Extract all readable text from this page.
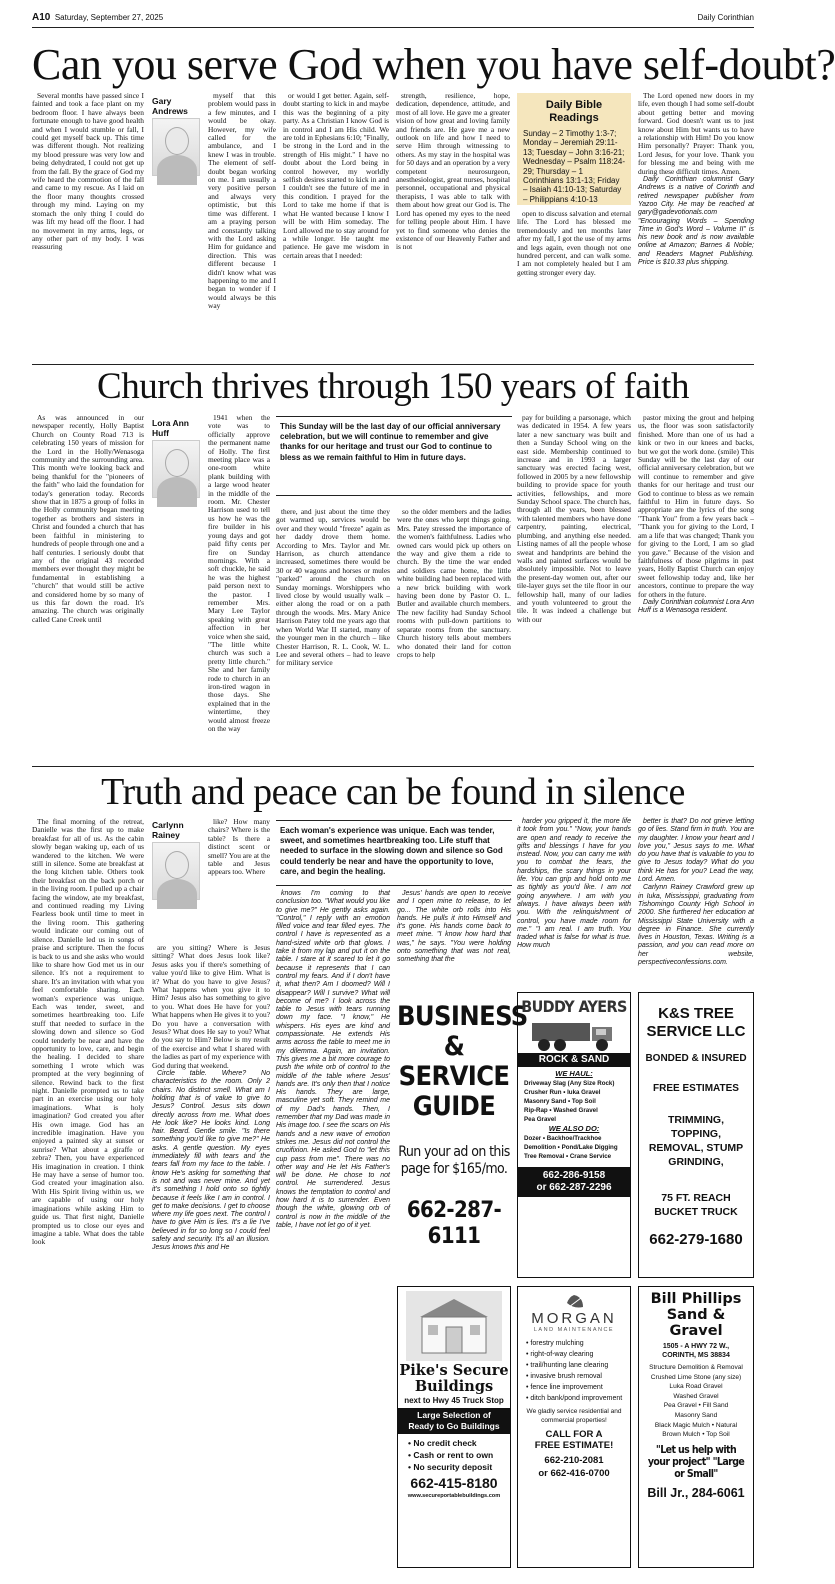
A10 Saturday, September 27, 2025	Daily Corinthian
Can you serve God when you have self-doubt?

Several months have passed since I fainted and took a face plant on my bedroom floor. I have always been fortunate enough to have good health and when I would stumble or fall, I could get myself back up. This time was different though. Not realizing my blood pressure was very low and being dehydrated, I could not get up from the fall. By the grace of God my wife heard the commotion of the fall and came to my rescue. As I laid on the floor many thoughts crossed through my mind. Laying on my stomach the only thing I could do was lift my head off the floor. I had no movement in my arms, legs, or any other part of my body. I was reassuring

Gary Andrews

myself that this problem would pass in a few minutes, and I would be okay. However, my wife called for the ambulance, and I knew I was in trouble. The element of self-doubt began working on me. I am usually a very positive person and always very optimistic, but this time was different. I am a praying person and constantly talking with the Lord asking Him for guidance and direction. This was different because I didn't know what was happening to me and I began to wonder if I would always be this way

or would I get better. Again, self-doubt starting to kick in and maybe this was the beginning of a pity party. As a Christian I know God is in control and I am His child. We are told in Ephesians 6:10; "Finally, be strong in the Lord and in the strength of His might." I have no doubt about the Lord being in control however, my worldly selfish desires started to kick in and I couldn't see the future of me in this condition. I prayed for the Lord to take me home if that is what He wanted because I know I will be with Him someday. The Lord allowed me to stay around for a while longer. He taught me patience. He gave me wisdom in certain areas that I needed:

strength, resilience, hope, dedication, dependence, attitude, and most of all love. He gave me a greater vision of how great and loving family and friends are. He gave me a new outlook on life and how I need to serve Him through witnessing to others. As my stay in the hospital was for 50 days and an operation by a very competent neurosurgeon, anesthesiologist, great nurses, hospital personnel, occupational and physical therapists, I was able to talk with them about how great our God is. The Lord has opened my eyes to the need for telling people about Him. I have yet to find someone who denies the existence of our Heavenly Father and is not

Daily Bible Readings

Sunday – 2 Timothy 1:3-7; Monday – Jeremiah 29:11-13; Tuesday – John 3:16-21; Wednesday – Psalm 118:24-29; Thursday – 1 Corinthians 13:1-13; Friday – Isaiah 41:10-13; Saturday – Philippians 4:10-13

open to discuss salvation and eternal life. The Lord has blessed me tremendously and ten months later after my fall, I got the use of my arms and legs again, even though not one hundred percent, and can walk some. I am not completely healed but I am getting stronger every day.

The Lord opened new doors in my life, even though I had some self-doubt about getting better and moving forward. God doesn't want us to just know about Him but wants us to have a relationship with Him! Do you know Him personally? Prayer: Thank you, Lord Jesus, for your love. Thank you for blessing me and being with me during these difficult times. Amen.

Daily Corinthian columnist Gary Andrews is a native of Corinth and retired newspaper publisher from Yazoo City. He may be reached at gary@gadevotionals.com "Encouraging Words – Spending Time in God's Word – Volume II" is his new book and is now available online at Amazon; Barnes & Noble; and Readers Magnet Publishing. Price is $10.33 plus shipping.

Church thrives through 150 years of faith

As was announced in our newspaper recently, Holly Baptist Church on County Road 713 is celebrating 150 years of mission for the Lord in the Holly/Wenasoga community and the surrounding area. This month we're looking back and being thankful for the "pioneers of the faith" who laid the foundation for today's generation today. Records show that in 1875 a group of folks in the Holly community began meeting together as brothers and sisters in Christ and founded a church that has been faithful in ministering to hundreds of people through one and a half centuries. I seriously doubt that any of the original 43 recorded members ever thought they might be fundamental in establishing a "church" that would still be active and considered home by so many of us this far down the road. It's amazing. The church was originally called Cane Creek until

Lora Ann Huff

1941 when the vote was to officially approve the permanent name of Holly. The first meeting place was a one-room white plank building with a large wood heater in the middle of the room. Mr. Chester Harrison used to tell us how he was the fire builder in his young days and got paid fifty cents per fire on Sunday mornings. With a soft chuckle, he said he was the highest paid person next to the pastor. I remember Mrs. Mary Lee Taylor speaking with great affection in her voice when she said, "The little white church was such a pretty little church." She and her family rode to church in an iron-tired wagon in those days. She explained that in the wintertime, they would almost freeze on the way

This Sunday will be the last day of our official anniversary celebration, but we will continue to remember and give thanks for our heritage and trust our God to continue to bless as we remain faithful to Him in future days.

there, and just about the time they got warmed up, services would be over and they would "freeze" again as her daddy drove them home. According to Mrs. Taylor and Mr. Harrison, as church attendance increased, sometimes there would be 30 or 40 wagons and horses or mules "parked" around the church on Sunday mornings. Worshippers who lived close by would usually walk – either along the road or on a path through the woods. Mrs. Mary Anice Harrison Patey told me years ago that when World War II started, many of the younger men in the church – like Chester Harrison, R. L. Cook, W. L. Lee and several others – had to leave for military service

so the older members and the ladies were the ones who kept things going. Mrs. Patey stressed the importance of the women's faithfulness. Ladies who owned cars would pick up others on the way and give them a ride to church. By the time the war ended and soldiers came home, the little white building had been replaced with a new brick building with work having been done by Pastor O. L. Butler and available church members. The new facility had Sunday School rooms with pull-down partitions to separate rooms from the sanctuary. Church history tells about members who donated their land for cotton crops to help

pay for building a parsonage, which was dedicated in 1954. A few years later a new sanctuary was built and then a Sunday School wing on the east side. Membership continued to increase and in 1993 a larger sanctuary was erected facing west, followed in 2005 by a new fellowship building to provide space for youth activities, fellowships, and more Sunday School space. The church has, through all the years, been blessed with talented members who have done carpentry, painting, electrical, plumbing, and anything else needed. Listing names of all the people whose sweat and handprints are behind the walls and painted surfaces would be absolutely impossible. Not to leave the present-day women out, after our tile-layer guys set the tile floor in our fellowship hall, many of our ladies and youth volunteered to grout the tile. It was indeed a challenge but with our

pastor mixing the grout and helping us, the floor was soon satisfactorily finished. More than one of us had a kink or two in our knees and backs, but we got the work done. (smile) This Sunday will be the last day of our official anniversary celebration, but we will continue to remember and give thanks for our heritage and trust our God to continue to bless as we remain faithful to Him in future days. So appropriate are the lyrics of the song "Thank You" from a few years back – "Thank you for giving to the Lord, I am a life that was changed; Thank you for giving to the Lord, I am so glad you gave." Because of the vision and faithfulness of those pilgrims in past years, Holly Baptist Church can enjoy sweet fellowship today and, like her ancestors, continue to prepare the way for others in the future.

Daily Corinthian columnist Lora Ann Huff is a Wenasoga resident.

Truth and peace can be found in silence

The final morning of the retreat, Danielle was the first up to make breakfast for all of us. As the cabin slowly began waking up, each of us wandered to the kitchen. We were still in silence. Some ate breakfast at the long kitchen table. Others took their breakfast on the back porch or in the living room. I pulled up a chair facing the window, ate my breakfast, and continued reading my Living Fearless book until time to meet in the living room. This gathering would indicate our coming out of silence. Danielle led us in songs of praise and scripture. Then the focus is back to us and she asks who would like to share how God met us in our silence. It's not a requirement to share. It's an invitation with what you feel comfortable sharing. Each woman's experience was unique. Each was tender, sweet, and sometimes heartbreaking too. Life stuff that needed to surface in the slowing down and silence so God could tenderly be near and have the opportunity to love, care, and begin the healing. I decided to share something I wrote which was prompted at the very beginning of silence. Rewind back to the first night. Danielle prompted us to take part in an exercise using our holy imaginations. What is holy imagination? God created you after His own image. God has an incredible imagination. Have you enjoyed a painted sky at sunset or sunrise? What about a giraffe or zebra? Then, you have experienced His imagination in creation. I think He may have a sense of humor too. God created your imagination also. With His Spirit living within us, we are capable of using our holy imaginations while asking Him to guide us. That first night, Danielle prompted us to close our eyes and imagine a table. What does the table look

Carlynn Rainey

like? How many chairs? Where is the table? Is there a distinct scent or smell? You are at the table and Jesus appears too. Where

are you sitting? Where is Jesus sitting? What does Jesus look like? Jesus asks you if there's something of value you'd like to give Him. What is it? What do you have to give Jesus? What happens when you give it to Him? Jesus also has something to give to you. What does He have for you? What happens when He gives it to you? Do you have a conversation with Jesus? What does He say to you? What do you say to Him? Below is my result of the exercise and what I shared with the ladies as part of my experience with God during that weekend.

Circle table. Where? No characteristics to the room. Only 2 chairs. No distinct smell. What am I holding that is of value to give to Jesus? Control. Jesus sits down directly across from me. What does He look like? He looks kind. Long hair. Beard. Gentle smile. "Is there something you'd like to give me?" He asks. A gentle question. My eyes immediately fill with tears and the tears fall from my face to the table. I know He's asking for something that is not and was never mine. And yet it's something I hold onto so tightly because it feels like I am in control. I get to make decisions. I get to choose where my life goes next. The control I have to give Him is lies. It's a lie I've believed in for so long so I could feel safety and security. It's all an illusion. Jesus knows this and He

Each woman's experience was unique. Each was tender, sweet, and sometimes heartbreaking too. Life stuff that needed to surface in the slowing down and silence so God could tenderly be near and have the opportunity to love, care, and begin the healing.

knows I'm coming to that conclusion too. "What would you like to give me?" He gently asks again. "Control," I reply with an emotion filled voice and tear filled eyes. The control I have is represented as a hand-sized white orb that glows. I take it from my lap and put it on the table. I stare at it scared to let it go because it represents that I can control my fears. And if I don't have it, what then? Am I doomed? Will I disappear? Will I survive? What will become of me? I look across the table to Jesus with tears running down my face. "I know," He whispers. His eyes are kind and compassionate. He extends His arms across the table to meet me in my dilemma. Again, an invitation. This gives me a bit more courage to push the white orb of control to the middle of the table where Jesus' hands are. It's only then that I notice His hands. They are large, masculine yet soft. They remind me of my Dad's hands. Then, I remember that my Dad was made in His image too. I see the scars on His hands and a new wave of emotion strikes me. Jesus did not control the crucifixion. He asked God to "let this cup pass from me". There was no other way and He let His Father's will be done. He chose to not control. He surrendered. Jesus knows the temptation to control and how hard it is to surrender. Even though the white, glowing orb of control is now in the middle of the table, I have not let go of it yet.

Jesus' hands are open to receive and I open mine to release, to let go... The white orb rolls into His hands. He pulls it into Himself and it's gone. His hands come back to meet mine. "I know how hard that was," he says. "You were holding onto something that was not real, something that the

harder you gripped it, the more life it took from you." "Now, your hands are open and ready to receive the gifts and blessings I have for you instead. Now, you can carry me with you to combat the fears, the hardships, the scary things in your life. You can grip and hold onto me as tightly as you'd like. I am not going anywhere. I am with you always. I have always been with you. With the relinquishment of control, you have made room for me." "I am real. I am truth. You traded what is false for what is true. How much

better is that? Do not grieve letting go of lies. Stand firm in truth. You are my daughter. I know your heart and I love you," Jesus says to me. What do you have that is valuable to you to give to Jesus today? What do you think He has for you? Lead the way, Lord. Amen.

Carlynn Rainey Crawford grew up in Iuka, Mississippi, graduating from Tishomingo County High School in 2000. She furthered her education at Mississippi State University with a degree in Finance. She currently lives in Houston, Texas. Writing is a passion, and you can read more on her website, perspectiveconfessions.com.

BUSINESS & SERVICE GUIDE
Run your ad on this page for $165/mo.
662-287-6111
BUDDY AYERS
ROCK & SAND
WE HAUL:
Driveway Slag (Any Size Rock)
Crusher Run • Iuka Gravel
Masonry Sand • Top Soil
Rip-Rap • Washed Gravel
Pea Gravel
WE ALSO DO:
Dozer • Backhoe/Trackhoe
Demolition • Pond/Lake Digging
Tree Removal • Crane Service
662-286-9158
or 662-287-2296
K&S TREE SERVICE LLC
BONDED & INSURED
FREE ESTIMATES
TRIMMING, TOPPING, REMOVAL, STUMP GRINDING,
75 FT. REACH BUCKET TRUCK
662-279-1680
Pike's Secure Buildings
next to Hwy 45 Truck Stop
Large Selection of Ready to Go Buildings
• No credit check
• Cash or rent to own
• No security deposit
662-415-8180
www.secureportablebuildings.com
MORGAN
LAND MAINTENANCE
• forestry mulching
• right-of-way clearing
• trail/hunting lane clearing
• invasive brush removal
• fence line improvement
• ditch bank/pond improvement
We gladly service residential and commercial properties!
CALL FOR A FREE ESTIMATE!
662-210-2081
or 662-416-0700
Bill Phillips Sand & Gravel
1505 - A HWY 72 W.,
CORINTH, MS 38834
Structure Demolition & Removal
Crushed Lime Stone (any size)
Luka Road Gravel
Washed Gravel
Pea Gravel • Fill Sand
Masonry Sand
Black Magic Mulch • Natural
Brown Mulch • Top Soil
"Let us help with your project" "Large or Small"
Bill Jr., 284-6061
